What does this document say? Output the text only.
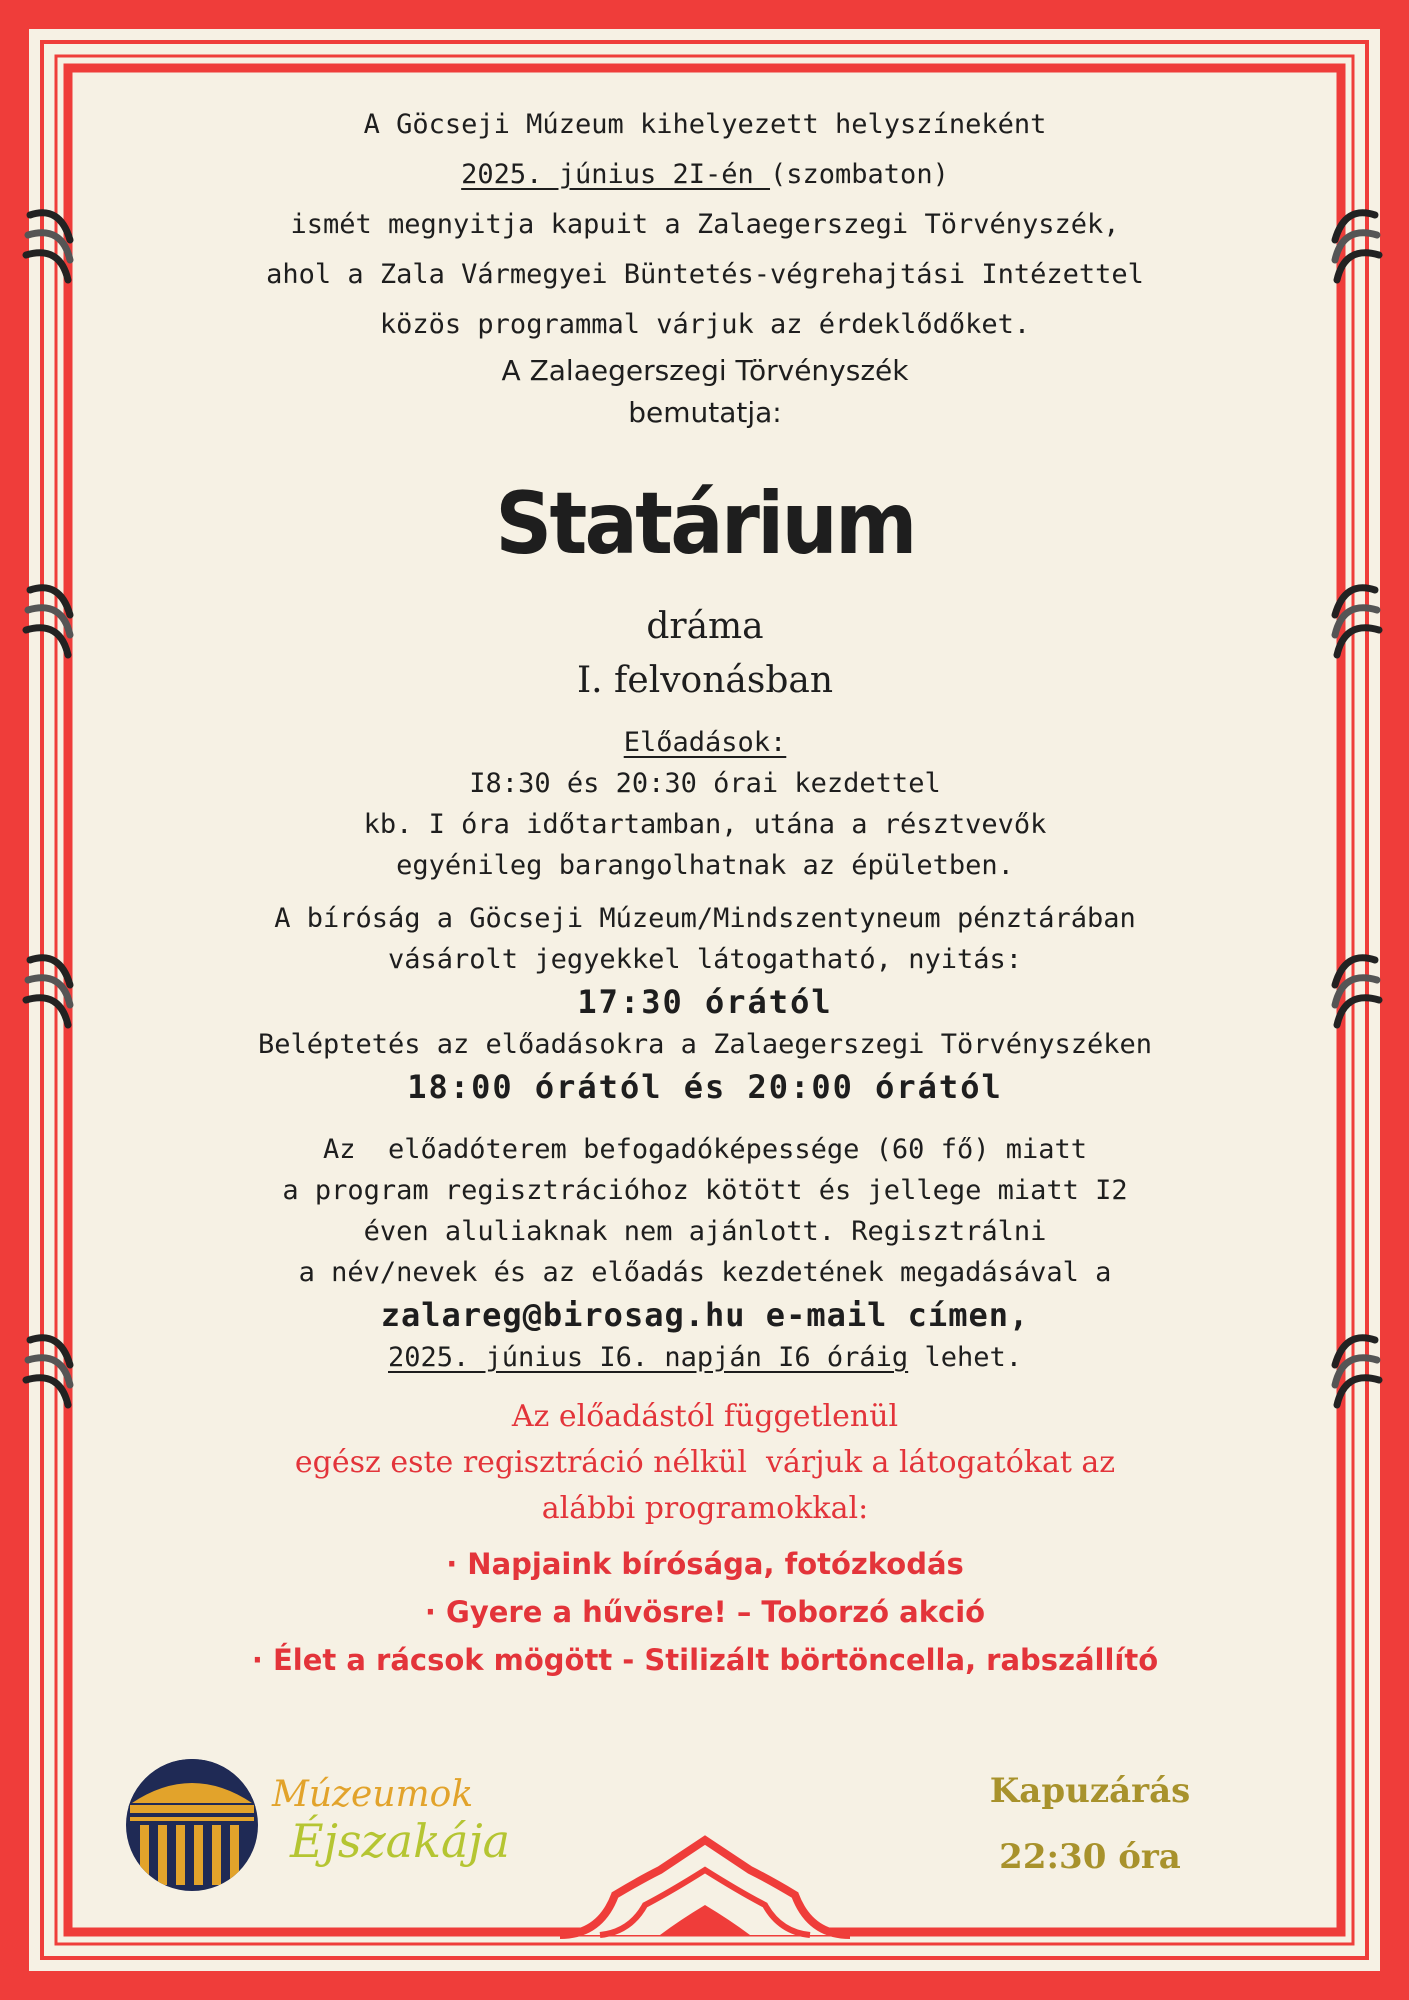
A Göcseji Múzeum kihelyezett helyszíneként

2025. június 2I-én (szombaton)

ismét megnyitja kapuit a Zalaegerszegi Törvényszék,

ahol a Zala Vármegyei Büntetés-végrehajtási Intézettel

közös programmal várjuk az érdeklődőket.

A Zalaegerszegi Törvényszék

bemutatja:

Statárium

dráma

I. felvonásban

Előadások:

I8:30 és 20:30 órai kezdettel

kb. I óra időtartamban, utána a résztvevők

egyénileg barangolhatnak az épületben.

A bíróság a Göcseji Múzeum/Mindszentyneum pénztárában

vásárolt jegyekkel látogatható, nyitás:

17:30 órától

Beléptetés az előadásokra a Zalaegerszegi Törvényszéken

18:00 órától és 20:00 órától

Az  előadóterem befogadóképessége (60 fő) miatt

a program regisztrációhoz kötött és jellege miatt I2

éven aluliaknak nem ajánlott. Regisztrálni

a név/nevek és az előadás kezdetének megadásával a

zalareg@birosag.hu e-mail címen,

2025. június I6. napján I6 óráig lehet.

Az előadástól függetlenül

egész este regisztráció nélkül  várjuk a látogatókat az

alábbi programokkal:

· Napjaink bírósága, fotózkodás

· Gyere a hűvösre! – Toborzó akció

· Élet a rácsok mögött - Stilizált börtöncella, rabszállító

Múzeumok
Éjszakája
Kapuzárás
22:30 óra
